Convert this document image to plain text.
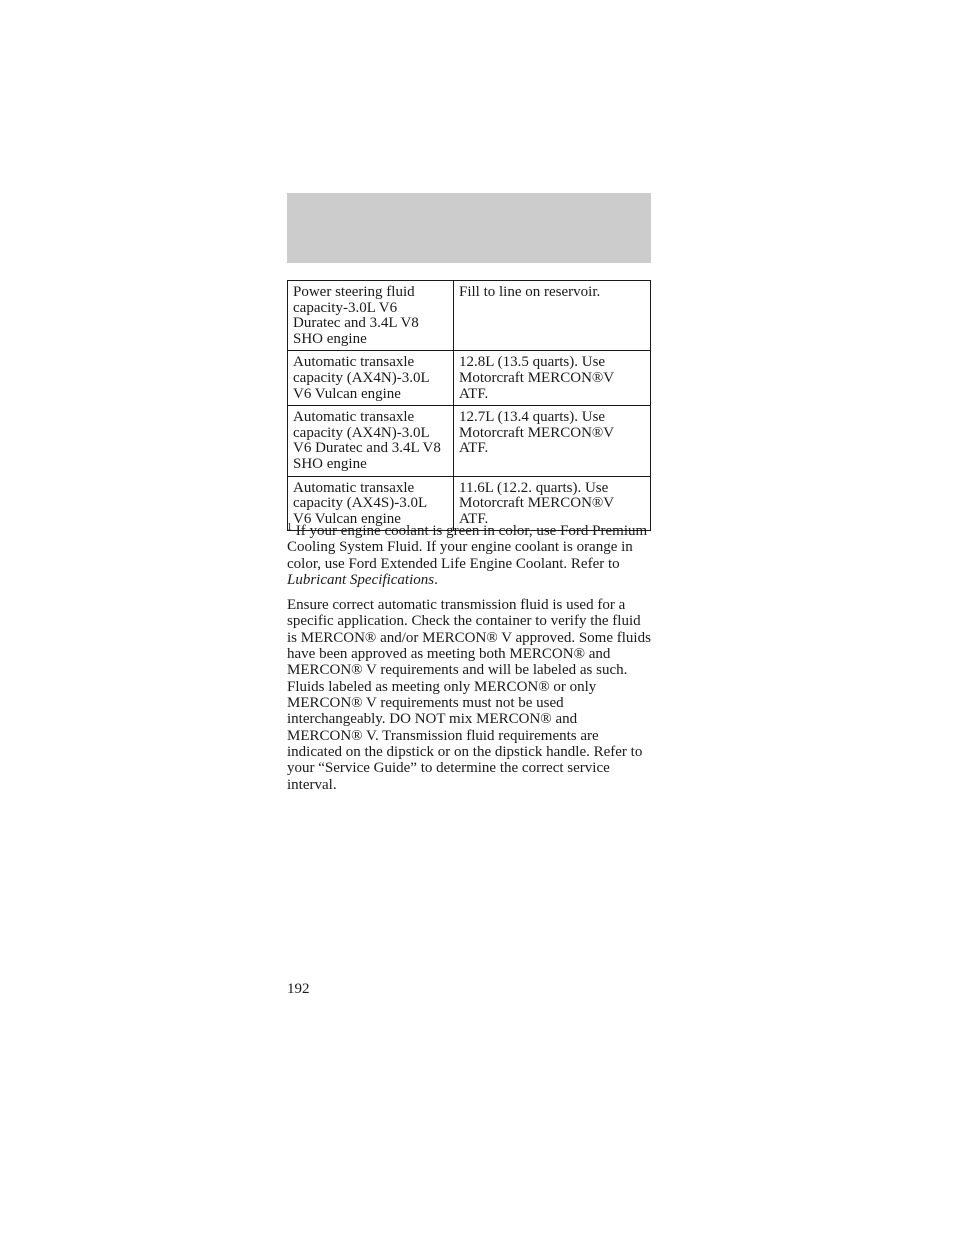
Power steering fluid capacity-3.0L V6 Duratec and 3.4L V8 SHO engine	Fill to line on reservoir.
Automatic transaxle capacity (AX4N)-3.0L V6 Vulcan engine	12.8L (13.5 quarts). Use Motorcraft MERCON®V ATF.
Automatic transaxle capacity (AX4N)-3.0L V6 Duratec and 3.4L V8 SHO engine	12.7L (13.4 quarts). Use Motorcraft MERCON®V ATF.
Automatic transaxle capacity (AX4S)-3.0L V6 Vulcan engine	11.6L (12.2. quarts). Use Motorcraft MERCON®V ATF.
$^1$ If your engine coolant is green in color, use Ford Premium Cooling System Fluid. If your engine coolant is orange in color, use Ford Extended Life Engine Coolant. Refer to Lubricant Specifications.

Ensure correct automatic transmission fluid is used for a specific application. Check the container to verify the fluid is MERCON® and/or MERCON® V approved. Some fluids have been approved as meeting both MERCON® and MERCON® V requirements and will be labeled as such. Fluids labeled as meeting only MERCON® or only MERCON® V requirements must not be used interchangeably. DO NOT mix MERCON® and MERCON® V. Transmission fluid requirements are indicated on the dipstick or on the dipstick handle. Refer to your “Service Guide” to determine the correct service interval.

192
